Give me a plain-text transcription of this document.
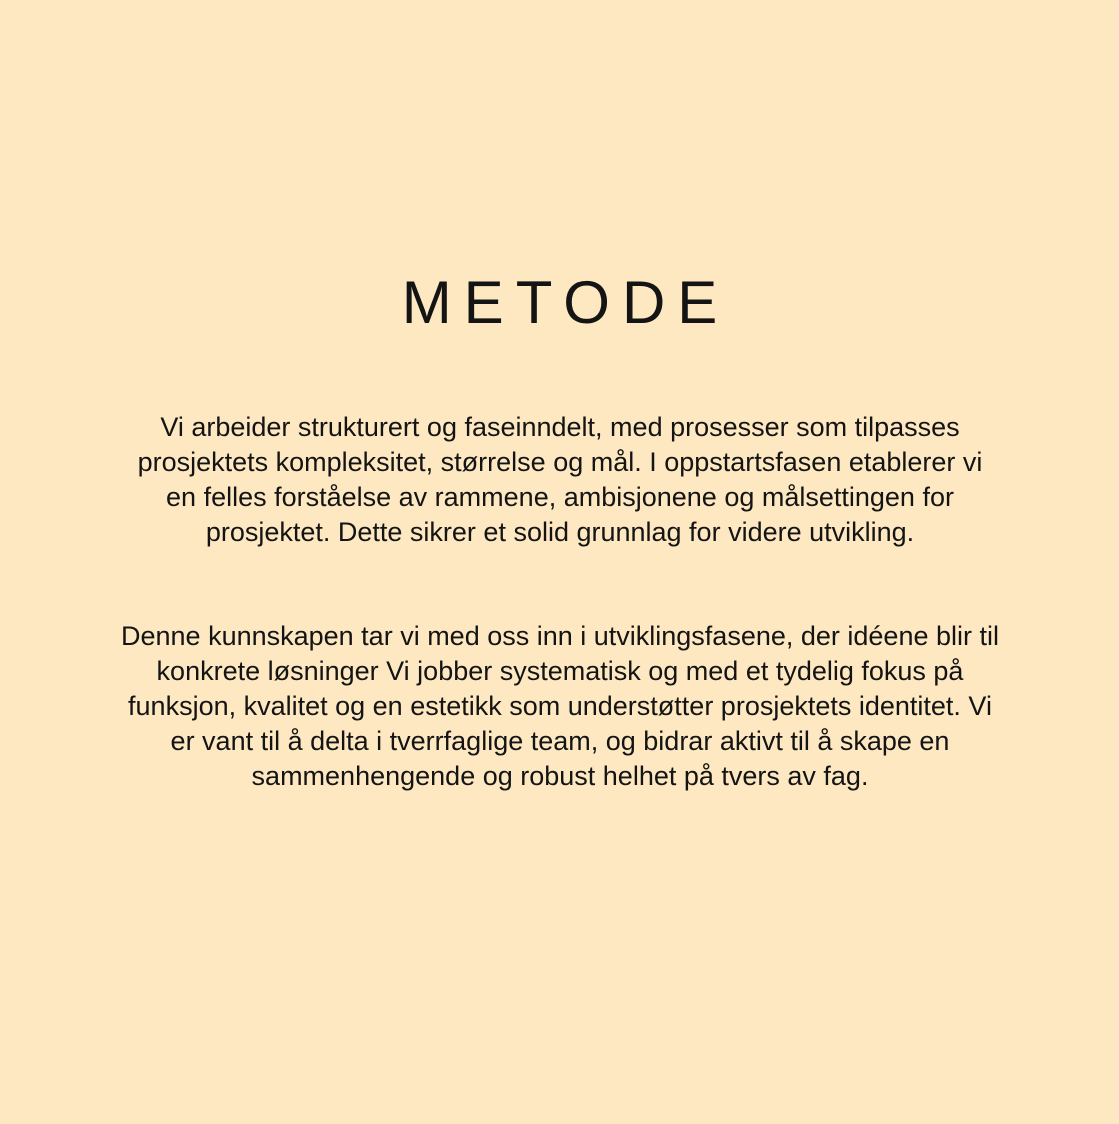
METODE

Vi arbeider strukturert og faseinndelt, med prosesser som tilpasses prosjektets kompleksitet, størrelse og mål. I oppstartsfasen etablerer vi en felles forståelse av rammene, ambisjonene og målsettingen for prosjektet. Dette sikrer et solid grunnlag for videre utvikling.

Denne kunnskapen tar vi med oss inn i utviklingsfasene, der idéene blir til konkrete løsninger Vi jobber systematisk og med et tydelig fokus på funksjon, kvalitet og en estetikk som understøtter prosjektets identitet. Vi er vant til å delta i tverrfaglige team, og bidrar aktivt til å skape en sammenhengende og robust helhet på tvers av fag.
